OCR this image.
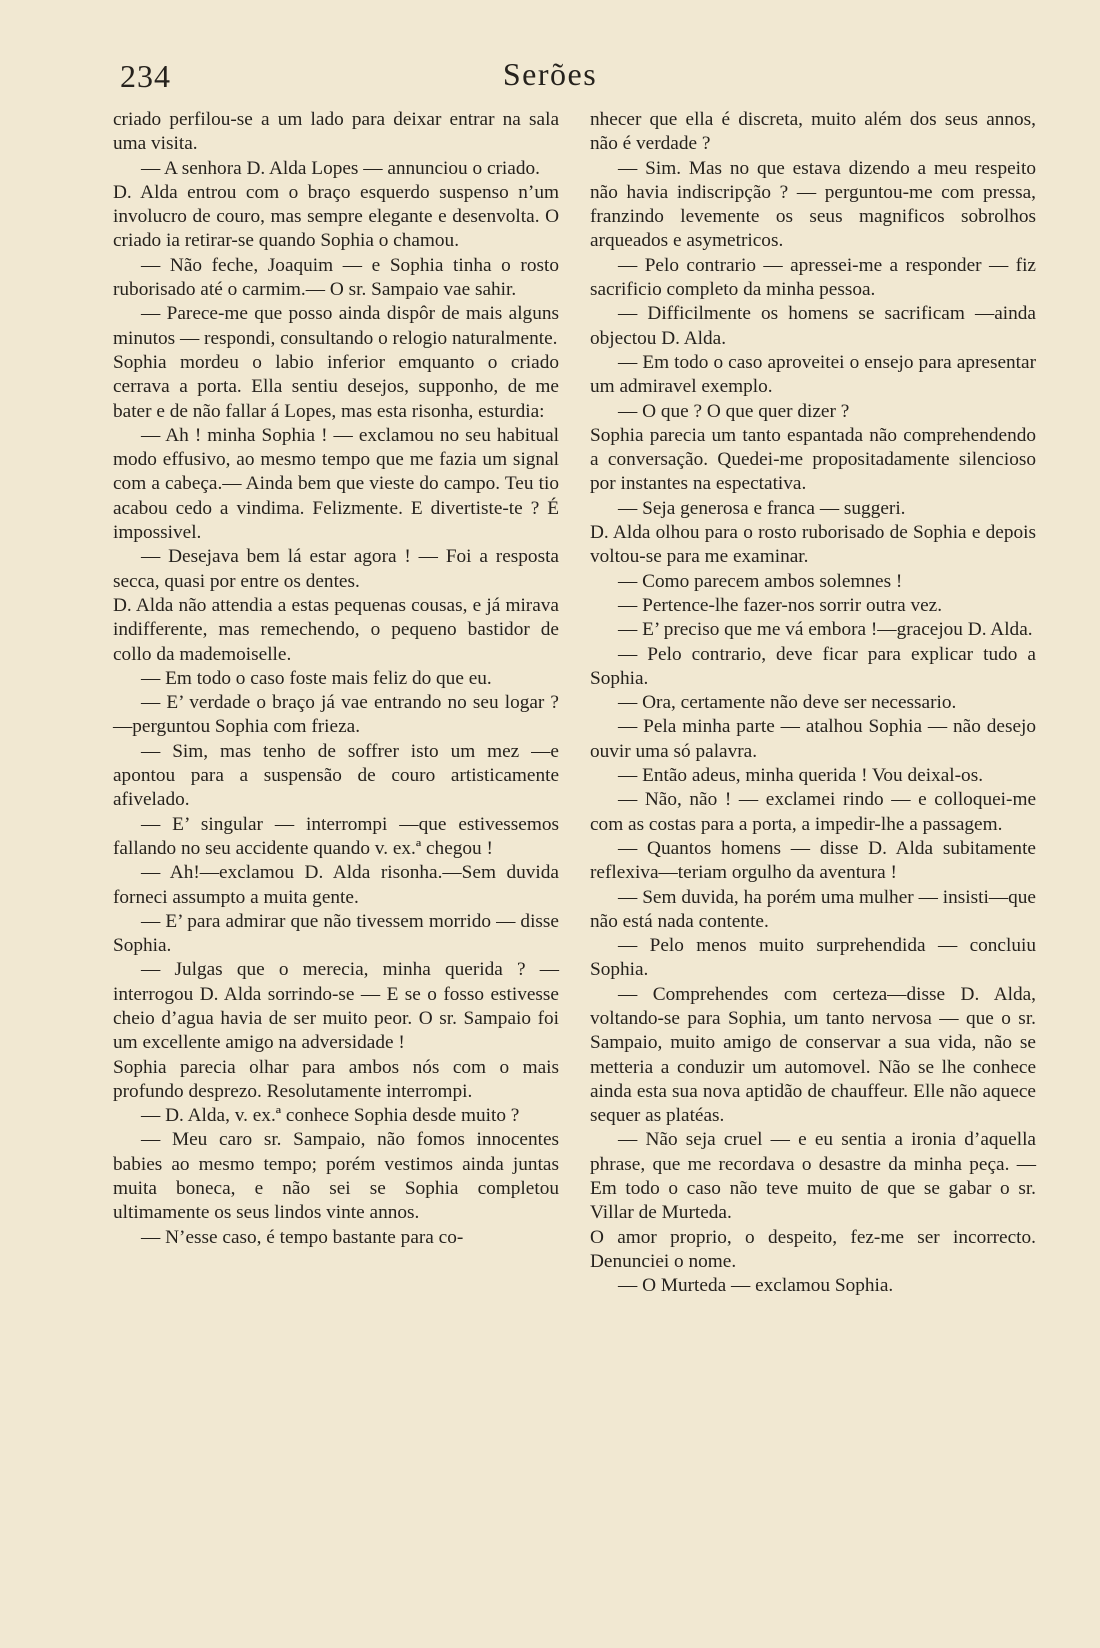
234	Serões

criado perfilou-se a um lado para deixar entrar na sala uma visita.

— A senhora D. Alda Lopes — annunciou o criado.

D. Alda entrou com o braço esquerdo suspenso n’um involucro de couro, mas sempre elegante e desenvolta. O criado ia retirar-se quando Sophia o chamou.

— Não feche, Joaquim — e Sophia tinha o rosto ruborisado até o carmim.— O sr. Sampaio vae sahir.

— Parece-me que posso ainda dispôr de mais alguns minutos — respondi, consultando o relogio naturalmente.

Sophia mordeu o labio inferior emquanto o criado cerrava a porta. Ella sentiu desejos, supponho, de me bater e de não fallar á Lopes, mas esta risonha, esturdia:

— Ah ! minha Sophia ! — exclamou no seu habitual modo effusivo, ao mesmo tempo que me fazia um signal com a cabeça.— Ainda bem que vieste do campo. Teu tio acabou cedo a vindima. Felizmente. E divertiste-te ? É impossivel.

— Desejava bem lá estar agora ! — Foi a resposta secca, quasi por entre os dentes.

D. Alda não attendia a estas pequenas cousas, e já mirava indifferente, mas remechendo, o pequeno bastidor de collo da mademoiselle.

— Em todo o caso foste mais feliz do que eu.

— E’ verdade o braço já vae entrando no seu logar ?—perguntou Sophia com frieza.

— Sim, mas tenho de soffrer isto um mez —e apontou para a suspensão de couro artisticamente afivelado.

— E’ singular — interrompi —que estivessemos fallando no seu accidente quando v. ex.ª chegou !

— Ah!—exclamou D. Alda risonha.—Sem duvida forneci assumpto a muita gente.

— E’ para admirar que não tivessem morrido — disse Sophia.

— Julgas que o merecia, minha querida ? — interrogou D. Alda sorrindo-se — E se o fosso estivesse cheio d’agua havia de ser muito peor. O sr. Sampaio foi um excellente amigo na adversidade !

Sophia parecia olhar para ambos nós com o mais profundo desprezo. Resolutamente interrompi.

— D. Alda, v. ex.ª conhece Sophia desde muito ?

— Meu caro sr. Sampaio, não fomos innocentes babies ao mesmo tempo; porém vestimos ainda juntas muita boneca, e não sei se Sophia completou ultimamente os seus lindos vinte annos.

— N’esse caso, é tempo bastante para co-

nhecer que ella é discreta, muito além dos seus annos, não é verdade ?

— Sim. Mas no que estava dizendo a meu respeito não havia indiscripção ? — perguntou-me com pressa, franzindo levemente os seus magnificos sobrolhos arqueados e asymetricos.

— Pelo contrario — apressei-me a responder — fiz sacrificio completo da minha pessoa.

— Difficilmente os homens se sacrificam —ainda objectou D. Alda.

— Em todo o caso aproveitei o ensejo para apresentar um admiravel exemplo.

— O que ? O que quer dizer ?

Sophia parecia um tanto espantada não comprehendendo a conversação. Quedei-me propositadamente silencioso por instantes na espectativa.

— Seja generosa e franca — suggeri.

D. Alda olhou para o rosto ruborisado de Sophia e depois voltou-se para me examinar.

— Como parecem ambos solemnes !

— Pertence-lhe fazer-nos sorrir outra vez.

— E’ preciso que me vá embora !—gracejou D. Alda.

— Pelo contrario, deve ficar para explicar tudo a Sophia.

— Ora, certamente não deve ser necessario.

— Pela minha parte — atalhou Sophia — não desejo ouvir uma só palavra.

— Então adeus, minha querida ! Vou deixal-os.

— Não, não ! — exclamei rindo — e colloquei-me com as costas para a porta, a impedir-lhe a passagem.

— Quantos homens — disse D. Alda subitamente reflexiva—teriam orgulho da aventura !

— Sem duvida, ha porém uma mulher — insisti—que não está nada contente.

— Pelo menos muito surprehendida — concluiu Sophia.

— Comprehendes com certeza—disse D. Alda, voltando-se para Sophia, um tanto nervosa — que o sr. Sampaio, muito amigo de conservar a sua vida, não se metteria a conduzir um automovel. Não se lhe conhece ainda esta sua nova aptidão de chauffeur. Elle não aquece sequer as platéas.

— Não seja cruel — e eu sentia a ironia d’aquella phrase, que me recordava o desastre da minha peça. — Em todo o caso não teve muito de que se gabar o sr. Villar de Murteda.

O amor proprio, o despeito, fez-me ser incorrecto. Denunciei o nome.

— O Murteda — exclamou Sophia.
